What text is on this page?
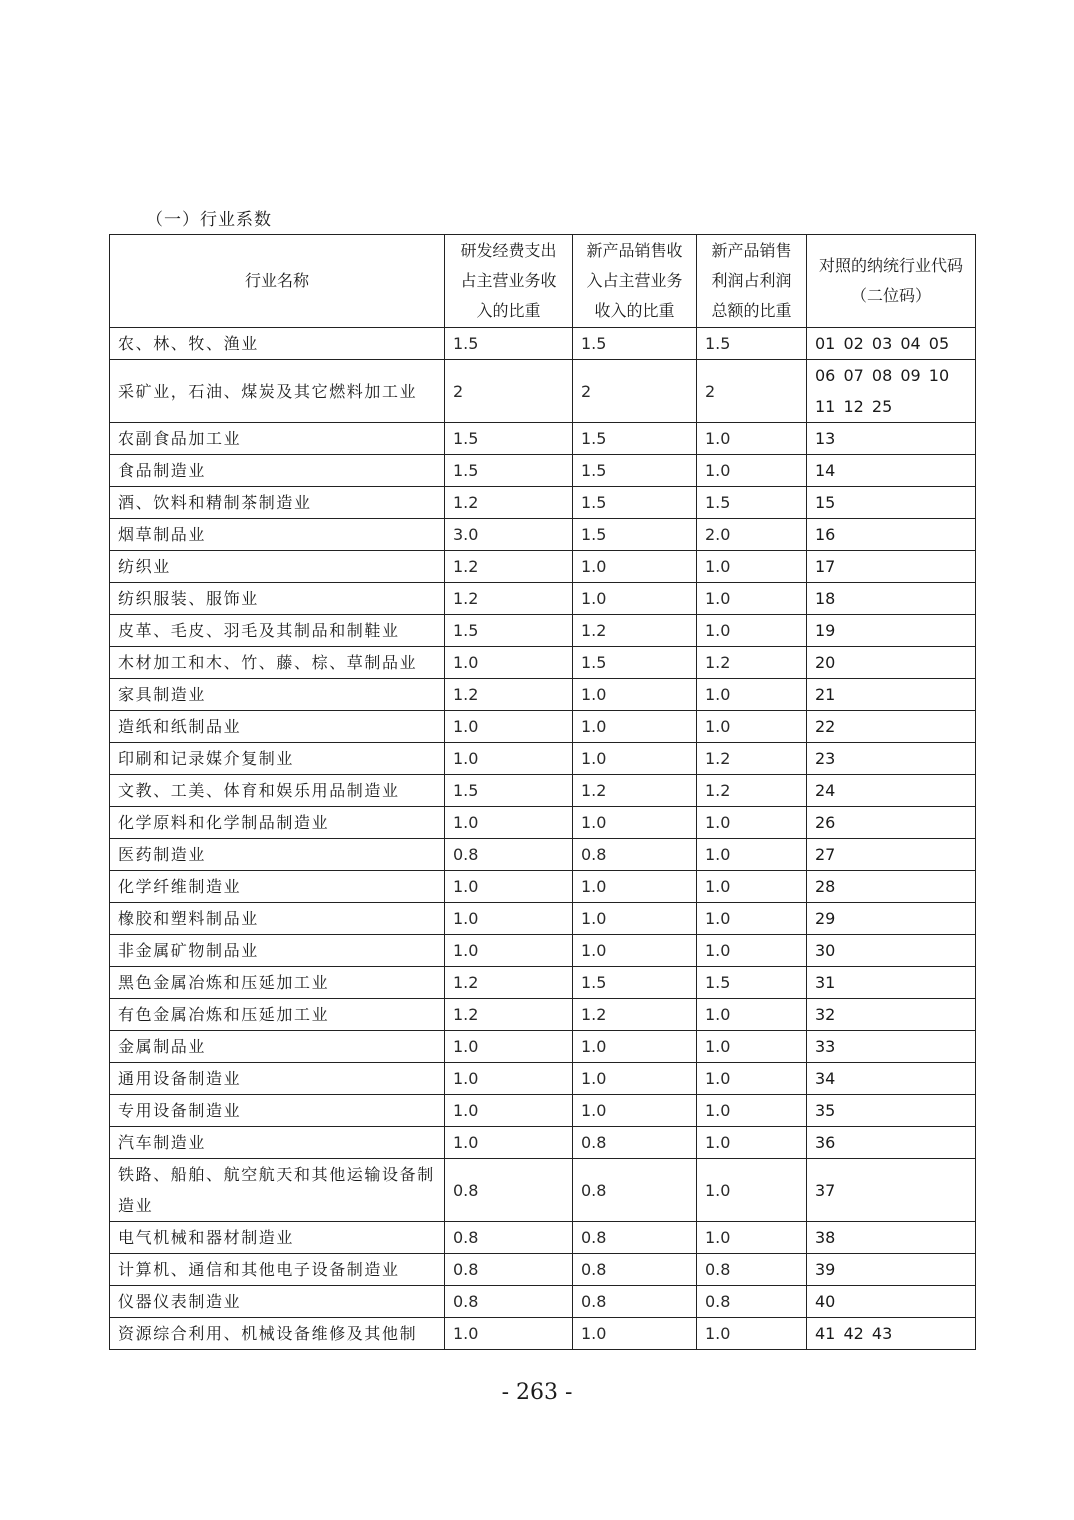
（一）行业系数
行业名称	研发经费支出占主营业务收入的比重	新产品销售收入占主营业务收入的比重	新产品销售利润占利润总额的比重	对照的纳统行业代码（二位码）
农、林、牧、渔业	1.5	1.5	1.5	01 02 03 04 05
采矿业，石油、煤炭及其它燃料加工业	2	2	2	06 07 08 09 10 11 12 25
农副食品加工业	1.5	1.5	1.0	13
食品制造业	1.5	1.5	1.0	14
酒、饮料和精制茶制造业	1.2	1.5	1.5	15
烟草制品业	3.0	1.5	2.0	16
纺织业	1.2	1.0	1.0	17
纺织服装、服饰业	1.2	1.0	1.0	18
皮革、毛皮、羽毛及其制品和制鞋业	1.5	1.2	1.0	19
木材加工和木、竹、藤、棕、草制品业	1.0	1.5	1.2	20
家具制造业	1.2	1.0	1.0	21
造纸和纸制品业	1.0	1.0	1.0	22
印刷和记录媒介复制业	1.0	1.0	1.2	23
文教、工美、体育和娱乐用品制造业	1.5	1.2	1.2	24
化学原料和化学制品制造业	1.0	1.0	1.0	26
医药制造业	0.8	0.8	1.0	27
化学纤维制造业	1.0	1.0	1.0	28
橡胶和塑料制品业	1.0	1.0	1.0	29
非金属矿物制品业	1.0	1.0	1.0	30
黑色金属冶炼和压延加工业	1.2	1.5	1.5	31
有色金属冶炼和压延加工业	1.2	1.2	1.0	32
金属制品业	1.0	1.0	1.0	33
通用设备制造业	1.0	1.0	1.0	34
专用设备制造业	1.0	1.0	1.0	35
汽车制造业	1.0	0.8	1.0	36
铁路、船舶、航空航天和其他运输设备制造业	0.8	0.8	1.0	37
电气机械和器材制造业	0.8	0.8	1.0	38
计算机、通信和其他电子设备制造业	0.8	0.8	0.8	39
仪器仪表制造业	0.8	0.8	0.8	40
资源综合利用、机械设备维修及其他制	1.0	1.0	1.0	41 42 43
- 263 -
